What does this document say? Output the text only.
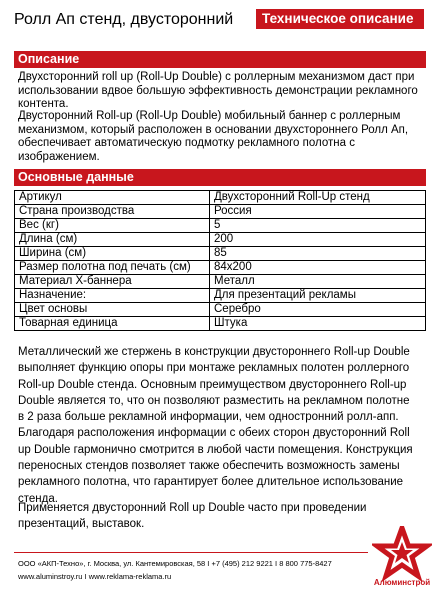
Ролл Ап стенд, двусторонний	Техническое описание
Описание
Двухсторонний roll up (Roll-Up Double) с роллерным механизмом даст при использовании вдвое большую эффективность демонстрации рекламного контента.
Двусторонний Roll-up (Roll-Up Double) мобильный баннер с роллерным механизмом, который расположен в основании двухстороннего Ролл Ап, обеспечивает автоматическую подмотку рекламного полотна с изображением.
Основные данные
Артикул	Двухсторонний Roll-Up стенд
Страна производства	Россия
Вес (кг)	5
Длина (см)	200
Ширина (см)	85
Размер полотна под печать (см)	84x200
Материал Х-баннера	Металл
Назначение:	Для презентаций рекламы
Цвет основы	Серебро
Товарная единица	Штука
Металлический же стержень в конструкции двустороннего Roll-up Double выполняет функцию опоры при монтаже рекламных полотен роллерного Roll-up Double стенда. Основным преимуществом двустороннего Roll-up Double является то, что он позволяют разместить на рекламном полотне в 2 раза больше рекламной информации, чем одностронний ролл-апп. Благодаря расположения информации с обеих сторон двусторонний Roll up Double гармонично смотрится в любой части помещения. Конструкция переносных стендов позволяет также обеспечить возможность замены рекламного полотна, что гарантирует более длительное использование стенда.
Применяется двусторонний Roll up Double часто при проведении презентаций, выставок.
ООО «АКП-Техно», г. Москва, ул. Кантемировская, 58 I +7 (495) 212 9221 I 8 800 775-8427
www.aluminstroy.ru I www.reklama-reklama.ru
Алюминстрой
